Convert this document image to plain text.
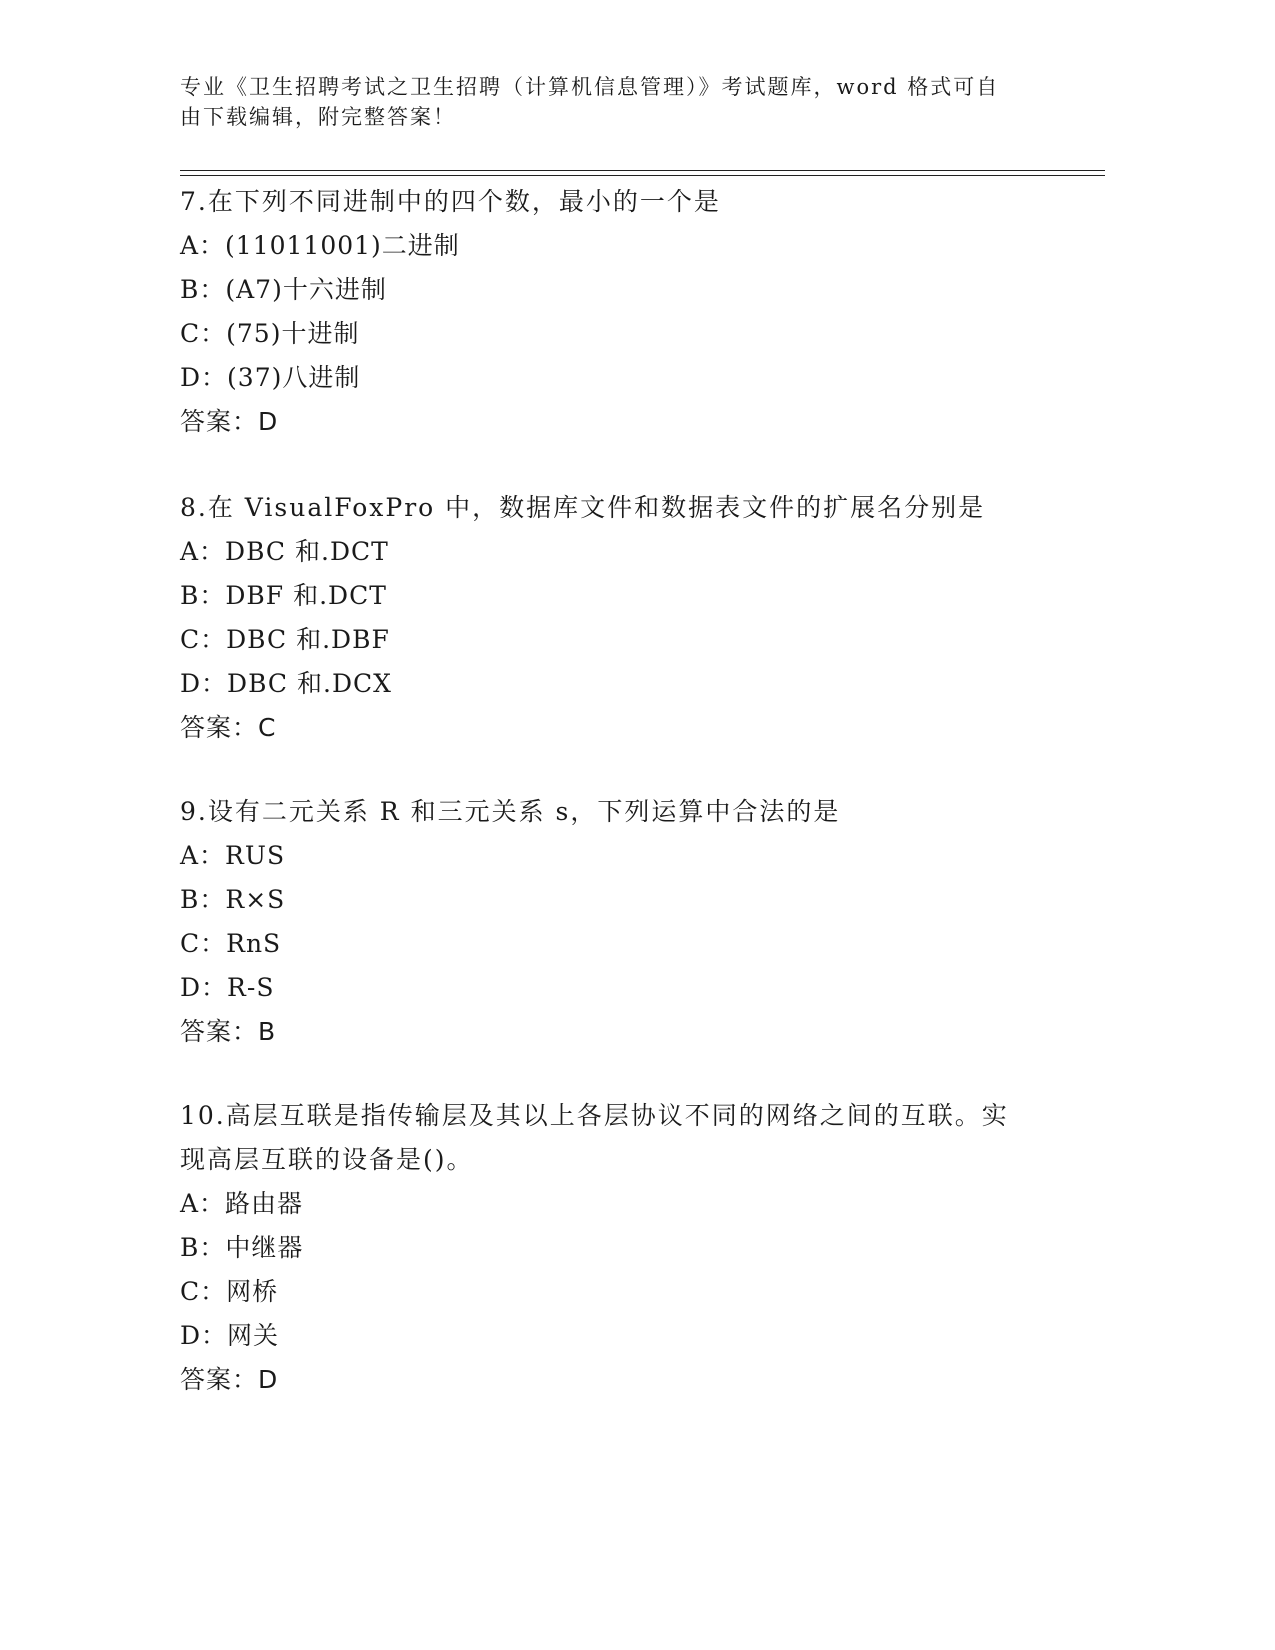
专业《卫生招聘考试之卫生招聘（计算机信息管理）》考试题库，word 格式可自
由下载编辑，附完整答案！
7.在下列不同进制中的四个数，最小的一个是
A：(11011001)二进制
B：(A7)十六进制
C：(75)十进制
D：(37)八进制
答案：D
8.在 VisualFoxPro 中，数据库文件和数据表文件的扩展名分别是
A：DBC 和.DCT
B：DBF 和.DCT
C：DBC 和.DBF
D：DBC 和.DCX
答案：C
9.设有二元关系 R 和三元关系 s，下列运算中合法的是
A：RUS
B：R×S
C：RnS
D：R-S
答案：B
10.高层互联是指传输层及其以上各层协议不同的网络之间的互联。实
现高层互联的设备是()。
A：路由器
B：中继器
C：网桥
D：网关
答案：D
